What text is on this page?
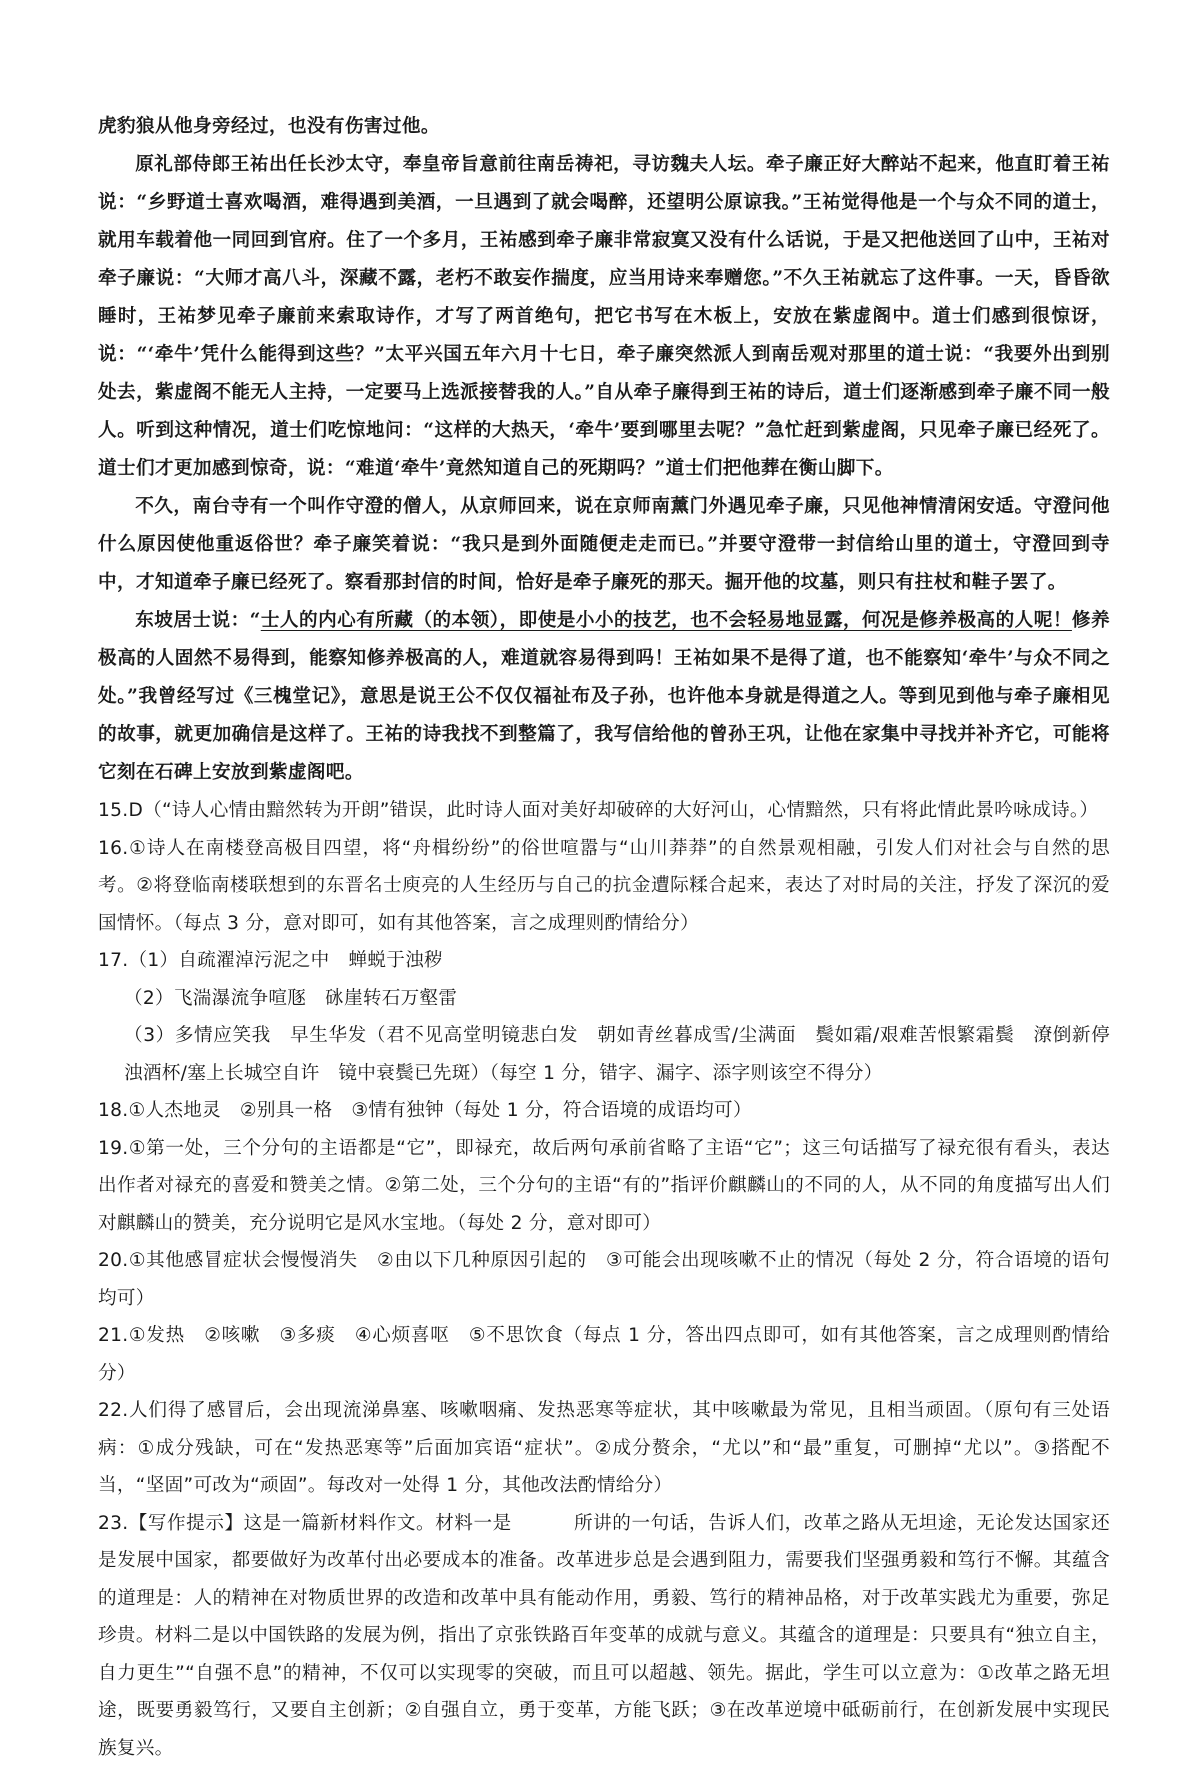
虎豹狼从他身旁经过，也没有伤害过他。

原礼部侍郎王祐出任长沙太守，奉皇帝旨意前往南岳祷祀，寻访魏夫人坛。牵子廉正好大醉站不起来，他直盯着王祐说：“乡野道士喜欢喝酒，难得遇到美酒，一旦遇到了就会喝醉，还望明公原谅我。”王祐觉得他是一个与众不同的道士，就用车载着他一同回到官府。住了一个多月，王祐感到牵子廉非常寂寞又没有什么话说，于是又把他送回了山中，王祐对牵子廉说：“大师才高八斗，深藏不露，老朽不敢妄作揣度，应当用诗来奉赠您。”不久王祐就忘了这件事。一天，昏昏欲睡时，王祐梦见牵子廉前来索取诗作，才写了两首绝句，把它书写在木板上，安放在紫虚阁中。道士们感到很惊讶，说：“‘牵牛’凭什么能得到这些？”太平兴国五年六月十七日，牵子廉突然派人到南岳观对那里的道士说：“我要外出到别处去，紫虚阁不能无人主持，一定要马上选派接替我的人。”自从牵子廉得到王祐的诗后，道士们逐渐感到牵子廉不同一般人。听到这种情况，道士们吃惊地问：“这样的大热天，‘牵牛’要到哪里去呢？”急忙赶到紫虚阁，只见牵子廉已经死了。道士们才更加感到惊奇，说：“难道‘牵牛’竟然知道自己的死期吗？”道士们把他葬在衡山脚下。

不久，南台寺有一个叫作守澄的僧人，从京师回来，说在京师南薰门外遇见牵子廉，只见他神情清闲安适。守澄问他什么原因使他重返俗世？牵子廉笑着说：“我只是到外面随便走走而已。”并要守澄带一封信给山里的道士，守澄回到寺中，才知道牵子廉已经死了。察看那封信的时间，恰好是牵子廉死的那天。掘开他的坟墓，则只有拄杖和鞋子罢了。

东坡居士说：“士人的内心有所藏（的本领），即使是小小的技艺，也不会轻易地显露，何况是修养极高的人呢！修养极高的人固然不易得到，能察知修养极高的人，难道就容易得到吗！王祐如果不是得了道，也不能察知‘牵牛’与众不同之处。”我曾经写过《三槐堂记》，意思是说王公不仅仅福祉布及子孙，也许他本身就是得道之人。等到见到他与牵子廉相见的故事，就更加确信是这样了。王祐的诗我找不到整篇了，我写信给他的曾孙王巩，让他在家集中寻找并补齐它，可能将它刻在石碑上安放到紫虚阁吧。

15.D（“诗人心情由黯然转为开朗”错误，此时诗人面对美好却破碎的大好河山，心情黯然，只有将此情此景吟咏成诗。）

16.①诗人在南楼登高极目四望，将“舟楫纷纷”的俗世喧嚣与“山川莽莽”的自然景观相融，引发人们对社会与自然的思考。②将登临南楼联想到的东晋名士庾亮的人生经历与自己的抗金遭际糅合起来，表达了对时局的关注，抒发了深沉的爱国情怀。（每点 3 分，意对即可，如有其他答案，言之成理则酌情给分）

17.（1）自疏濯淖污泥之中　蝉蜕于浊秽

（2）飞湍瀑流争喧豗　砯崖转石万壑雷

（3）多情应笑我　早生华发（君不见高堂明镜悲白发　朝如青丝暮成雪/尘满面　鬓如霜/艰难苦恨繁霜鬓　潦倒新停浊酒杯/塞上长城空自许　镜中衰鬓已先斑）（每空 1 分，错字、漏字、添字则该空不得分）

18.①人杰地灵　②别具一格　③情有独钟（每处 1 分，符合语境的成语均可）

19.①第一处，三个分句的主语都是“它”，即禄充，故后两句承前省略了主语“它”；这三句话描写了禄充很有看头，表达出作者对禄充的喜爱和赞美之情。②第二处，三个分句的主语“有的”指评价麒麟山的不同的人，从不同的角度描写出人们对麒麟山的赞美，充分说明它是风水宝地。（每处 2 分，意对即可）

20.①其他感冒症状会慢慢消失　②由以下几种原因引起的　③可能会出现咳嗽不止的情况（每处 2 分，符合语境的语句均可）

21.①发热　②咳嗽　③多痰　④心烦喜呕　⑤不思饮食（每点 1 分，答出四点即可，如有其他答案，言之成理则酌情给分）

22.人们得了感冒后，会出现流涕鼻塞、咳嗽咽痛、发热恶寒等症状，其中咳嗽最为常见，且相当顽固。（原句有三处语病：①成分残缺，可在“发热恶寒等”后面加宾语“症状”。②成分赘余，“尤以”和“最”重复，可删掉“尤以”。③搭配不当，“坚固”可改为“顽固”。每改对一处得 1 分，其他改法酌情给分）

23.【写作提示】这是一篇新材料作文。材料一是	所讲的一句话，告诉人们，改革之路从无坦途，无论发达国家还是发展中国家，都要做好为改革付出必要成本的准备。改革进步总是会遇到阻力，需要我们坚强勇毅和笃行不懈。其蕴含的道理是：人的精神在对物质世界的改造和改革中具有能动作用，勇毅、笃行的精神品格，对于改革实践尤为重要，弥足珍贵。材料二是以中国铁路的发展为例，指出了京张铁路百年变革的成就与意义。其蕴含的道理是：只要具有“独立自主，自力更生”“自强不息”的精神，不仅可以实现零的突破，而且可以超越、领先。据此，学生可以立意为：①改革之路无坦途，既要勇毅笃行，又要自主创新；②自强自立，勇于变革，方能飞跃；③在改革逆境中砥砺前行，在创新发展中实现民族复兴。
